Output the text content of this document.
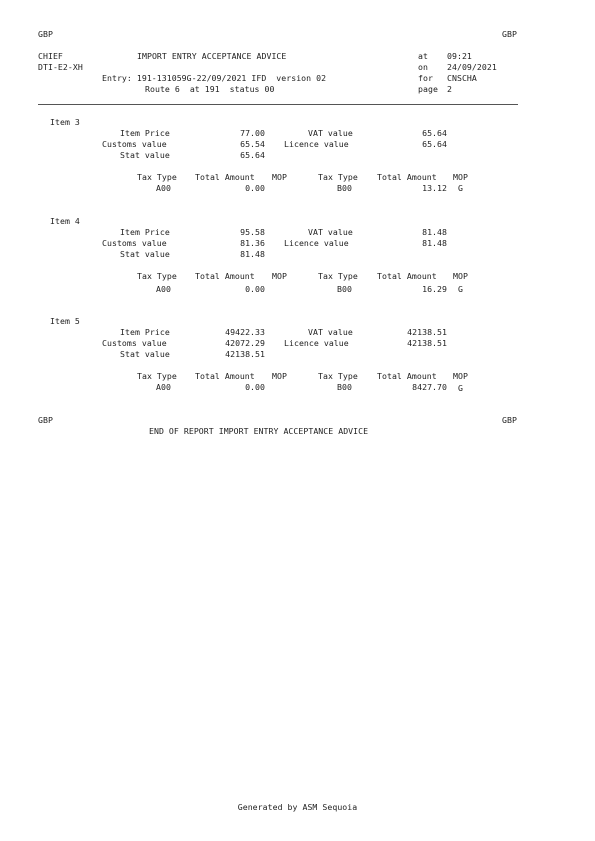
GBP	GBP
CHIEF	IMPORT ENTRY ACCEPTANCE ADVICE	at 09:21
DTI-E2-XH	on 24/09/2021
Entry: 191-131059G-22/09/2021 IFD  version 02	for CNSCHA
Route 6  at 191  status 00	page 2
Item 3
Item Price	77.00	VAT value	65.64
Customs value	65.54 Licence value	65.64
Stat value	65.64
Tax Type Total Amount MOP	Tax Type Total Amount MOP
A00	0.00	B00	13.12 G
Item 4
Item Price	95.58	VAT value	81.48
Customs value	81.36 Licence value	81.48
Stat value	81.48
Tax Type Total Amount MOP	Tax Type Total Amount MOP
A00	0.00	B00	16.29 G
Item 5
Item Price	49422.33	VAT value	42138.51
Customs value	42072.29 Licence value	42138.51
Stat value	42138.51
Tax Type Total Amount MOP	Tax Type Total Amount MOP
A00	0.00	B00	8427.70 G
GBP	GBP
END OF REPORT IMPORT ENTRY ACCEPTANCE ADVICE
Generated by ASM Sequoia
